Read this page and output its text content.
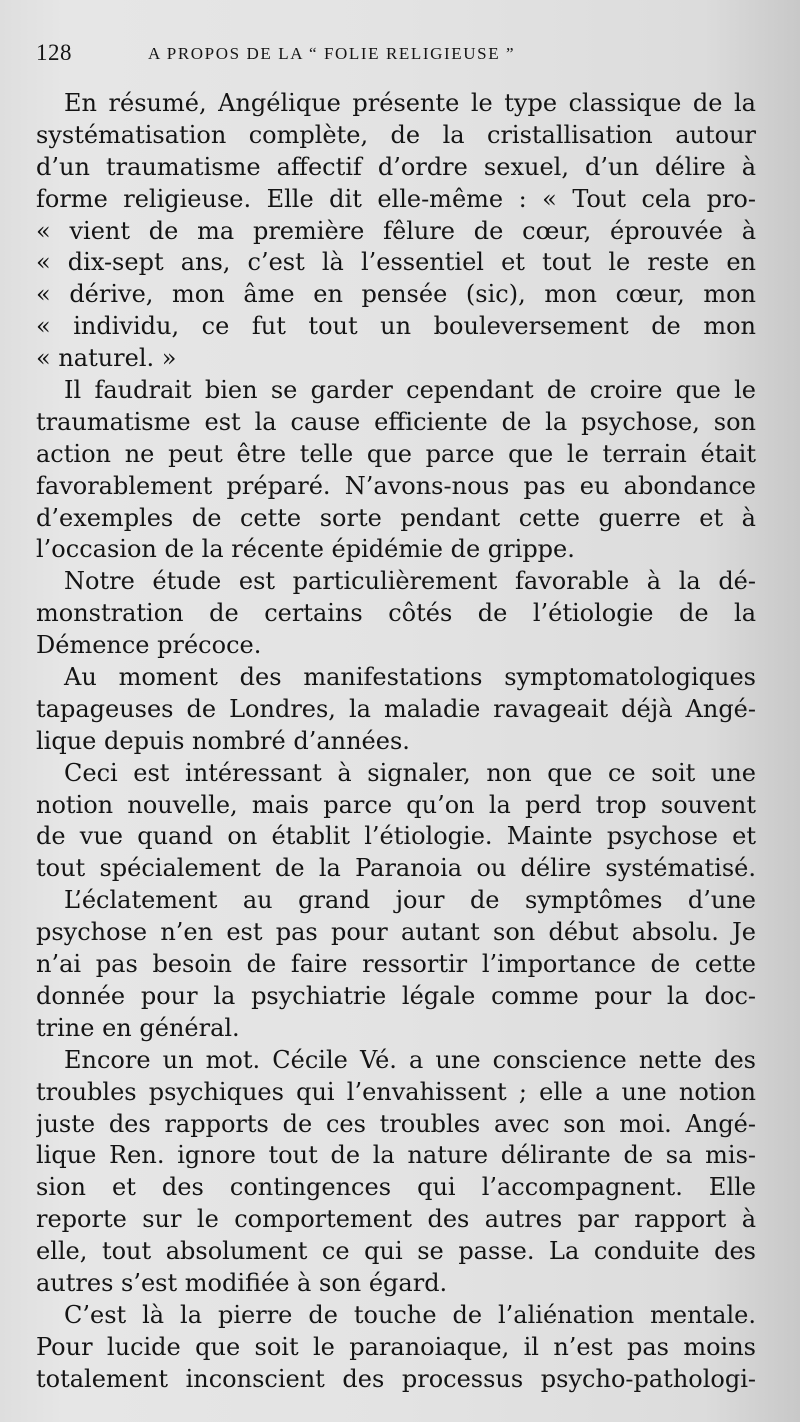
128	A PROPOS DE LA “ FOLIE RELIGIEUSE ”
En résumé, Angélique présente le type classique de la
systématisation complète, de la cristallisation autour
d’un traumatisme affectif d’ordre sexuel, d’un délire à
forme religieuse. Elle dit elle-même : « Tout cela pro-
« vient de ma première fêlure de cœur, éprouvée à
« dix-sept ans, c’est là l’essentiel et tout le reste en
« dérive, mon âme en pensée (sic), mon cœur, mon
« individu, ce fut tout un bouleversement de mon
« naturel. »
Il faudrait bien se garder cependant de croire que le
traumatisme est la cause efficiente de la psychose, son
action ne peut être telle que parce que le terrain était
favorablement préparé. N’avons-nous pas eu abondance
d’exemples de cette sorte pendant cette guerre et à
l’occasion de la récente épidémie de grippe.
Notre étude est particulièrement favorable à la dé-
monstration de certains côtés de l’étiologie de la
Démence précoce.
Au moment des manifestations symptomatologiques
tapageuses de Londres, la maladie ravageait déjà Angé-
lique depuis nombré d’années.
Ceci est intéressant à signaler, non que ce soit une
notion nouvelle, mais parce qu’on la perd trop souvent
de vue quand on établit l’étiologie. Mainte psychose et
tout spécialement de la Paranoia ou délire systématisé.
L’éclatement au grand jour de symptômes d’une
psychose n’en est pas pour autant son début absolu. Je
n’ai pas besoin de faire ressortir l’importance de cette
donnée pour la psychiatrie légale comme pour la doc-
trine en général.
Encore un mot. Cécile Vé. a une conscience nette des
troubles psychiques qui l’envahissent ; elle a une notion
juste des rapports de ces troubles avec son moi. Angé-
lique Ren. ignore tout de la nature délirante de sa mis-
sion et des contingences qui l’accompagnent. Elle
reporte sur le comportement des autres par rapport à
elle, tout absolument ce qui se passe. La conduite des
autres s’est modifiée à son égard.
C’est là la pierre de touche de l’aliénation mentale.
Pour lucide que soit le paranoiaque, il n’est pas moins
totalement inconscient des processus psycho-pathologi-
